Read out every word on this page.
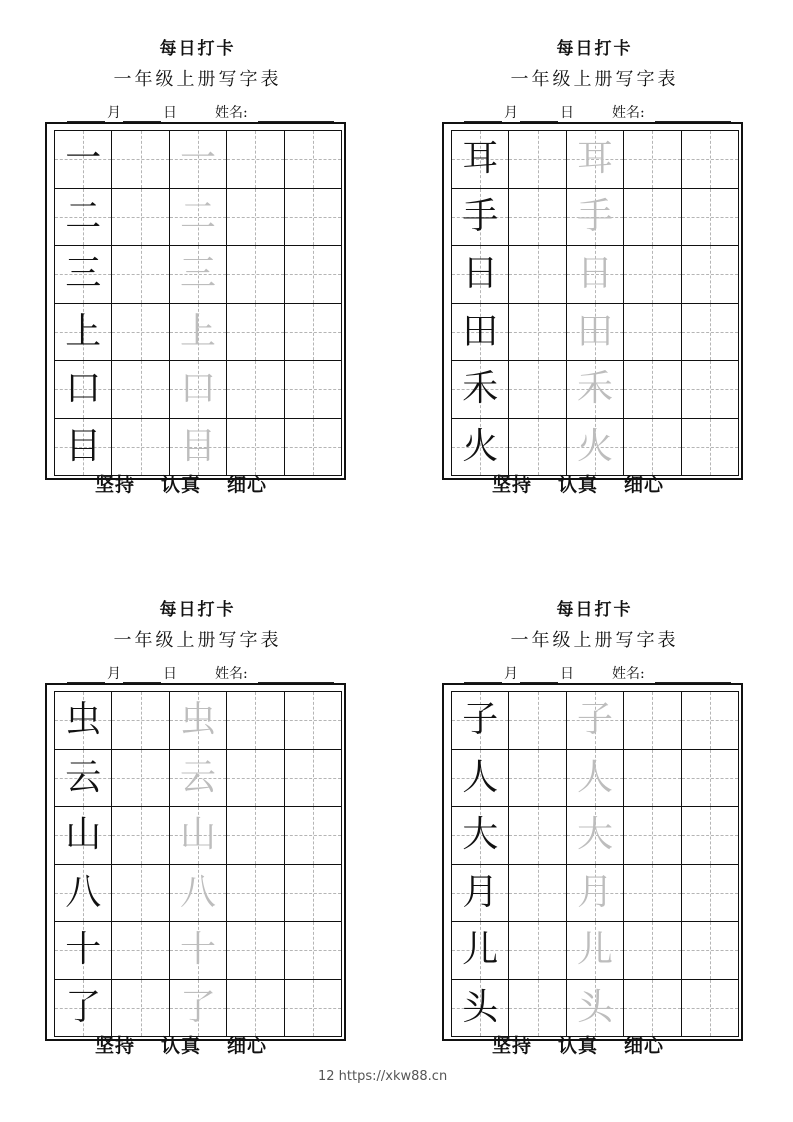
每日打卡
一年级上册写字表
月	日	姓名:
一 一
二 二
三 三
上 上
口 口
目 目
坚持 认真 细心
每日打卡
一年级上册写字表
月	日	姓名:
耳 耳
手 手
日 日
田 田
禾 禾
火 火
坚持 认真 细心
每日打卡
一年级上册写字表
月	日	姓名:
虫 虫
云 云
山 山
八 八
十 十
了 了
坚持 认真 细心
每日打卡
一年级上册写字表
月	日	姓名:
子 子
人 人
大 大
月 月
儿 儿
头 头
坚持 认真 细心
12 https://xkw88.cn
